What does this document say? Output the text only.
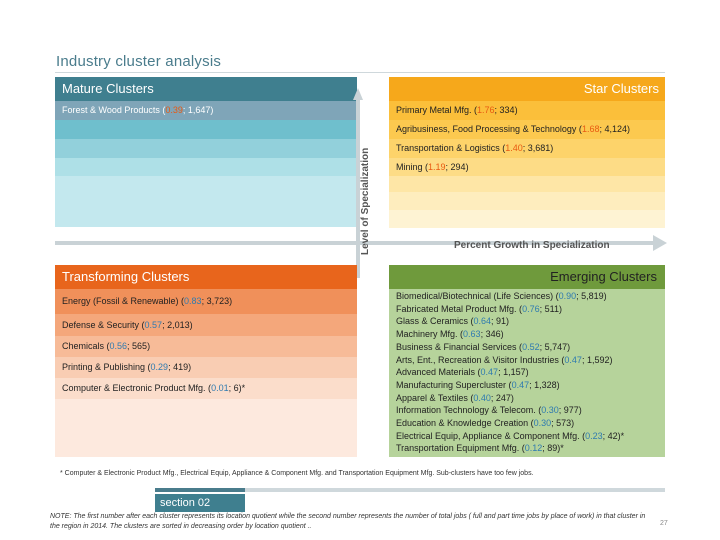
Industry cluster analysis
Mature Clusters
Forest & Wood Products (0.39; 1,647)
Star Clusters
Primary Metal Mfg. (1.76; 334)
Agribusiness, Food Processing & Technology (1.68; 4,124)
Transportation & Logistics (1.40; 3,681)
Mining (1.19; 294)
Level of Specialization	Percent Growth in Specialization
Transforming Clusters
Energy (Fossil & Renewable) (0.83; 3,723)
Defense & Security (0.57; 2,013)
Chemicals (0.56; 565)
Printing & Publishing (0.29; 419)
Computer & Electronic Product Mfg. (0.01; 6)*
Emerging Clusters
Biomedical/Biotechnical (Life Sciences) (0.90; 5,819)
Fabricated Metal Product Mfg. (0.76; 511)
Glass & Ceramics (0.64; 91)
Machinery Mfg. (0.63; 346)
Business & Financial Services (0.52; 5,747)
Arts, Ent., Recreation & Visitor Industries (0.47; 1,592)
Advanced Materials (0.47; 1,157)
Manufacturing Supercluster (0.47; 1,328)
Apparel & Textiles (0.40; 247)
Information Technology & Telecom. (0.30; 977)
Education & Knowledge Creation (0.30; 573)
Electrical Equip, Appliance & Component Mfg. (0.23; 42)*
Transportation Equipment Mfg. (0.12; 89)*
* Computer & Electronic Product Mfg., Electrical Equip, Appliance & Component Mfg. and Transportation Equipment Mfg. Sub-clusters have too few jobs.
section 02
NOTE: The first number after each cluster represents its location quotient while the second number represents the number of total jobs ( full and part time jobs by place of work) in that cluster in the region in 2014. The clusters are sorted in decreasing order by location quotient ..	27
